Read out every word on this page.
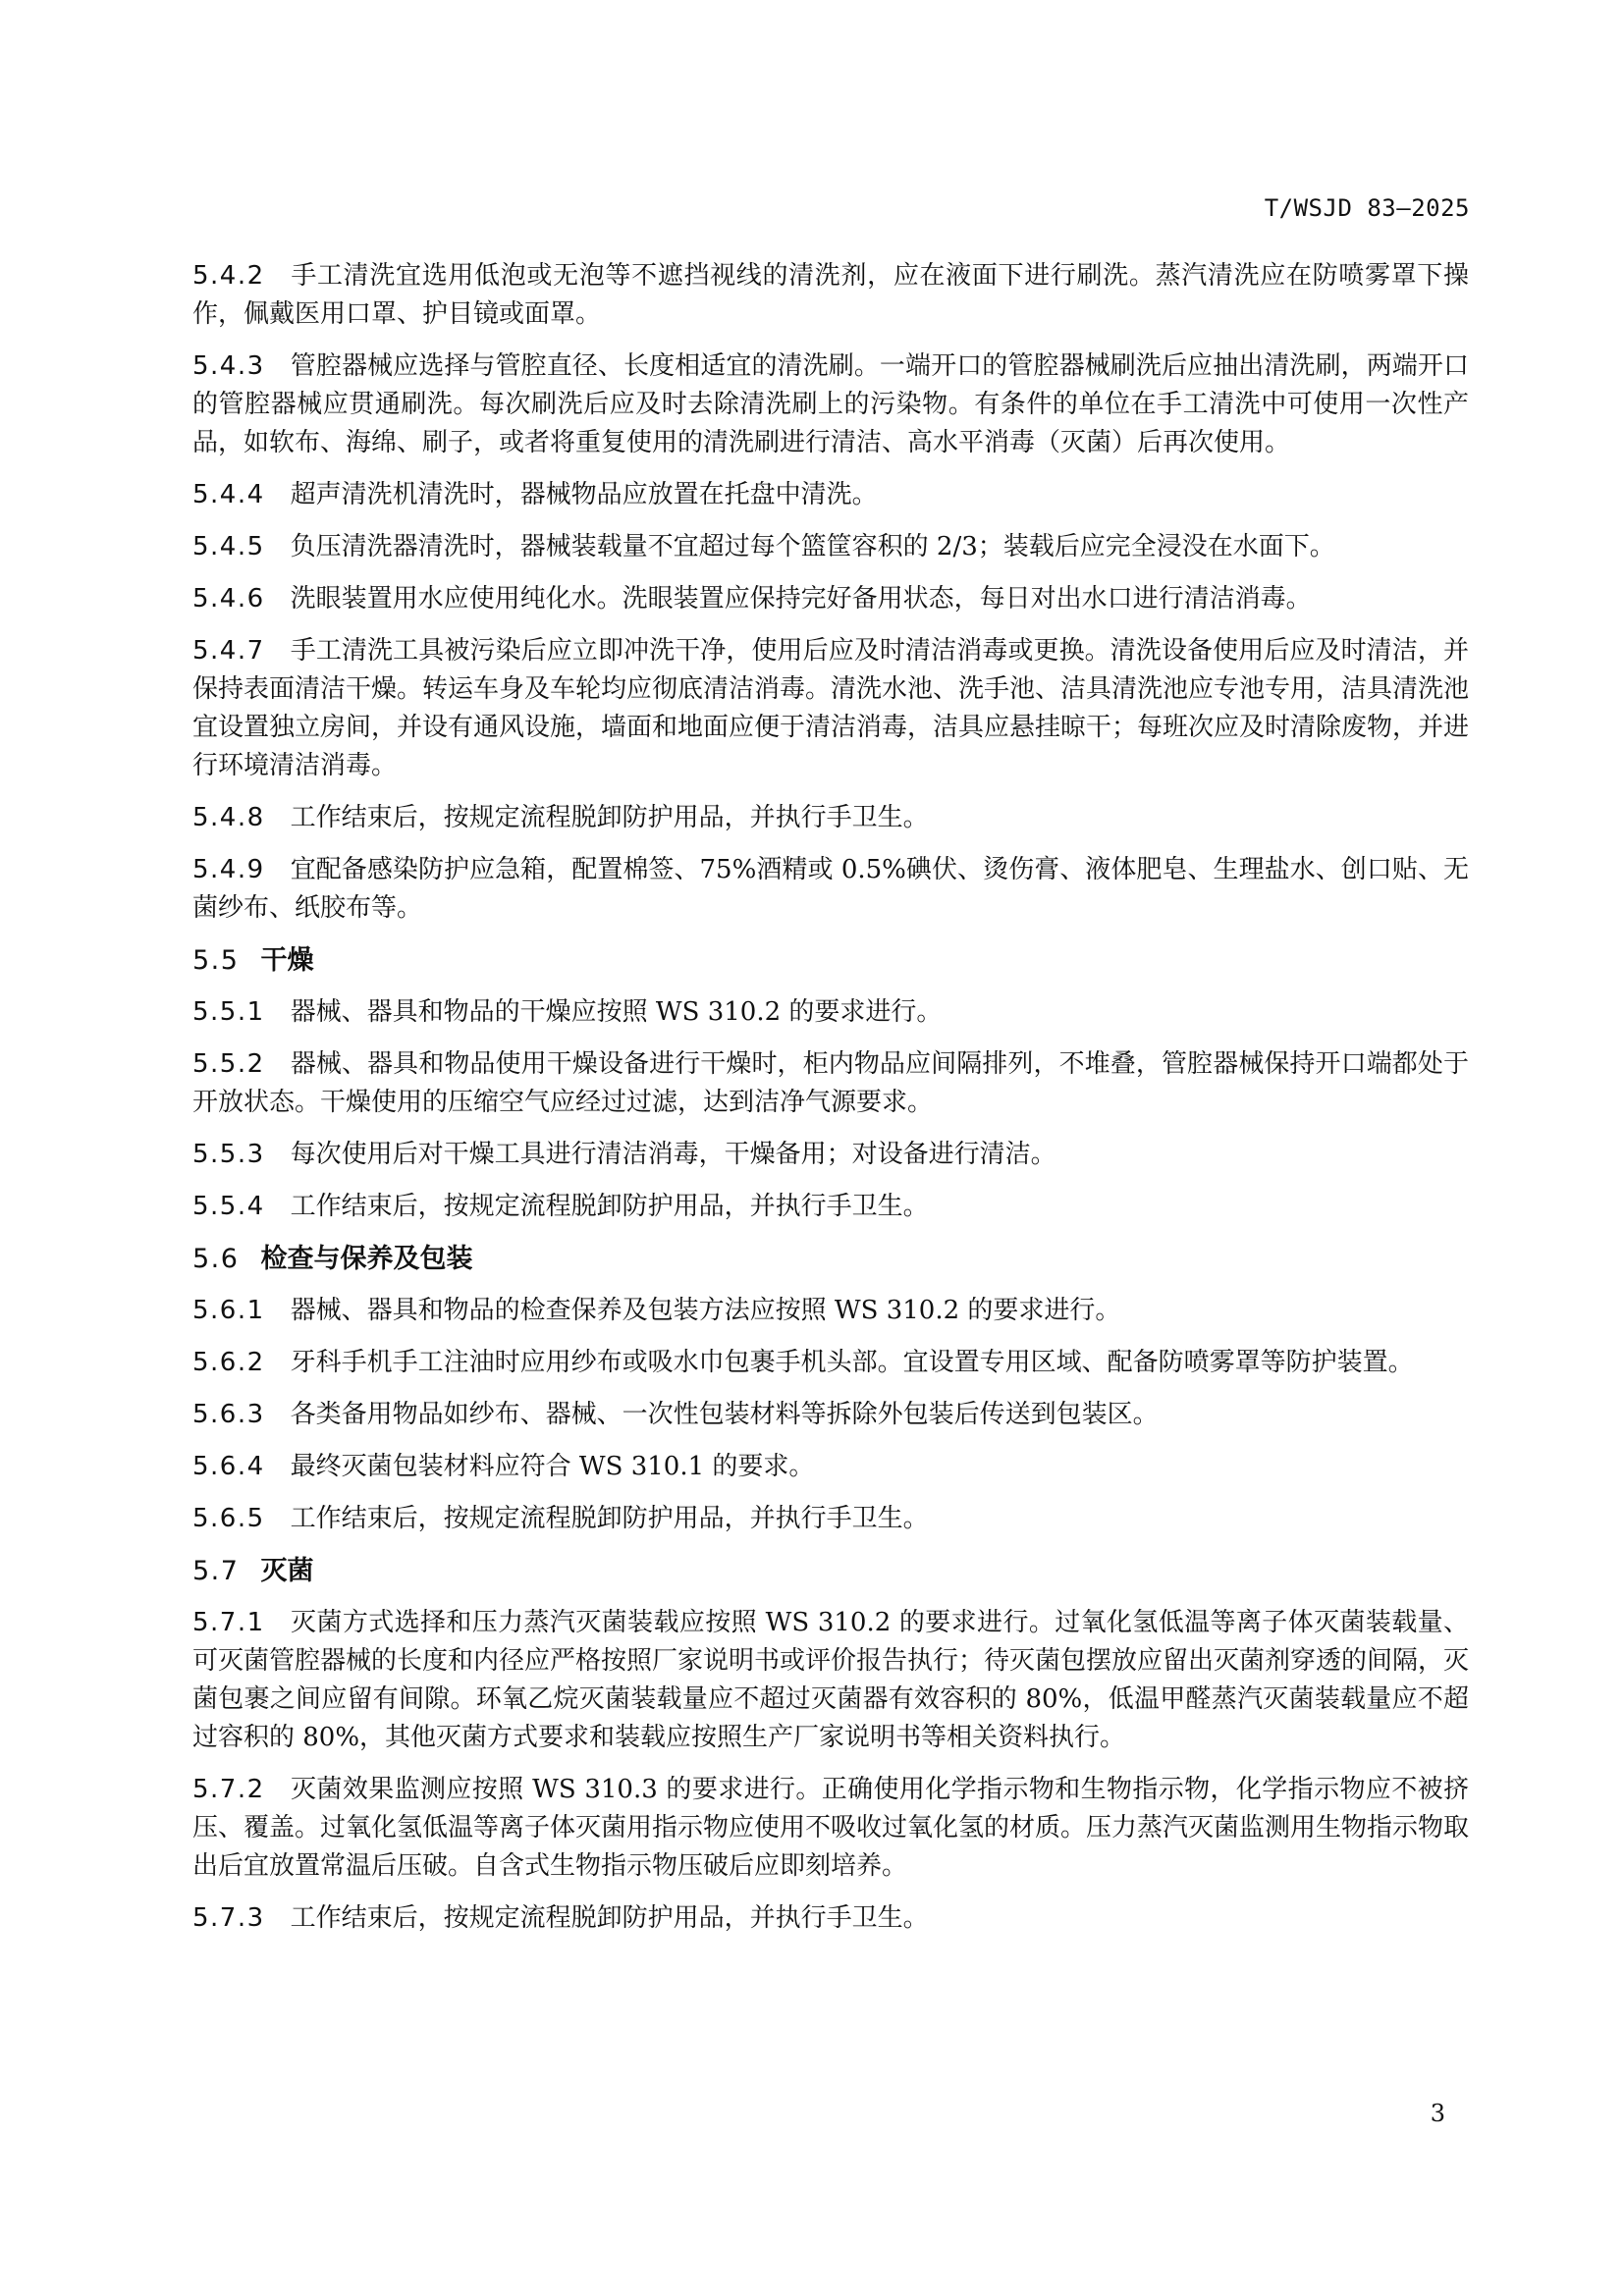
T/WSJD 83—2025
5.4.2 手工清洗宜选用低泡或无泡等不遮挡视线的清洗剂，应在液面下进行刷洗。蒸汽清洗应在防喷雾罩下操作，佩戴医用口罩、护目镜或面罩。
5.4.3 管腔器械应选择与管腔直径、长度相适宜的清洗刷。一端开口的管腔器械刷洗后应抽出清洗刷，两端开口的管腔器械应贯通刷洗。每次刷洗后应及时去除清洗刷上的污染物。有条件的单位在手工清洗中可使用一次性产品，如软布、海绵、刷子，或者将重复使用的清洗刷进行清洁、高水平消毒（灭菌）后再次使用。
5.4.4 超声清洗机清洗时，器械物品应放置在托盘中清洗。
5.4.5 负压清洗器清洗时，器械装载量不宜超过每个篮筐容积的 2/3；装载后应完全浸没在水面下。
5.4.6 洗眼装置用水应使用纯化水。洗眼装置应保持完好备用状态，每日对出水口进行清洁消毒。
5.4.7 手工清洗工具被污染后应立即冲洗干净，使用后应及时清洁消毒或更换。清洗设备使用后应及时清洁，并保持表面清洁干燥。转运车身及车轮均应彻底清洁消毒。清洗水池、洗手池、洁具清洗池应专池专用，洁具清洗池宜设置独立房间，并设有通风设施，墙面和地面应便于清洁消毒，洁具应悬挂晾干；每班次应及时清除废物，并进行环境清洁消毒。
5.4.8 工作结束后，按规定流程脱卸防护用品，并执行手卫生。
5.4.9 宜配备感染防护应急箱，配置棉签、75%酒精或 0.5%碘伏、烫伤膏、液体肥皂、生理盐水、创口贴、无菌纱布、纸胶布等。
5.5 干燥
5.5.1 器械、器具和物品的干燥应按照 WS 310.2 的要求进行。
5.5.2 器械、器具和物品使用干燥设备进行干燥时，柜内物品应间隔排列，不堆叠，管腔器械保持开口端都处于开放状态。干燥使用的压缩空气应经过过滤，达到洁净气源要求。
5.5.3 每次使用后对干燥工具进行清洁消毒，干燥备用；对设备进行清洁。
5.5.4 工作结束后，按规定流程脱卸防护用品，并执行手卫生。
5.6 检查与保养及包装
5.6.1 器械、器具和物品的检查保养及包装方法应按照 WS 310.2 的要求进行。
5.6.2 牙科手机手工注油时应用纱布或吸水巾包裹手机头部。宜设置专用区域、配备防喷雾罩等防护装置。
5.6.3 各类备用物品如纱布、器械、一次性包装材料等拆除外包装后传送到包装区。
5.6.4 最终灭菌包装材料应符合 WS 310.1 的要求。
5.6.5 工作结束后，按规定流程脱卸防护用品，并执行手卫生。
5.7 灭菌
5.7.1 灭菌方式选择和压力蒸汽灭菌装载应按照 WS 310.2 的要求进行。过氧化氢低温等离子体灭菌装载量、可灭菌管腔器械的长度和内径应严格按照厂家说明书或评价报告执行；待灭菌包摆放应留出灭菌剂穿透的间隔，灭菌包裹之间应留有间隙。环氧乙烷灭菌装载量应不超过灭菌器有效容积的 80%，低温甲醛蒸汽灭菌装载量应不超过容积的 80%，其他灭菌方式要求和装载应按照生产厂家说明书等相关资料执行。
5.7.2 灭菌效果监测应按照 WS 310.3 的要求进行。正确使用化学指示物和生物指示物，化学指示物应不被挤压、覆盖。过氧化氢低温等离子体灭菌用指示物应使用不吸收过氧化氢的材质。压力蒸汽灭菌监测用生物指示物取出后宜放置常温后压破。自含式生物指示物压破后应即刻培养。
5.7.3 工作结束后，按规定流程脱卸防护用品，并执行手卫生。
3
